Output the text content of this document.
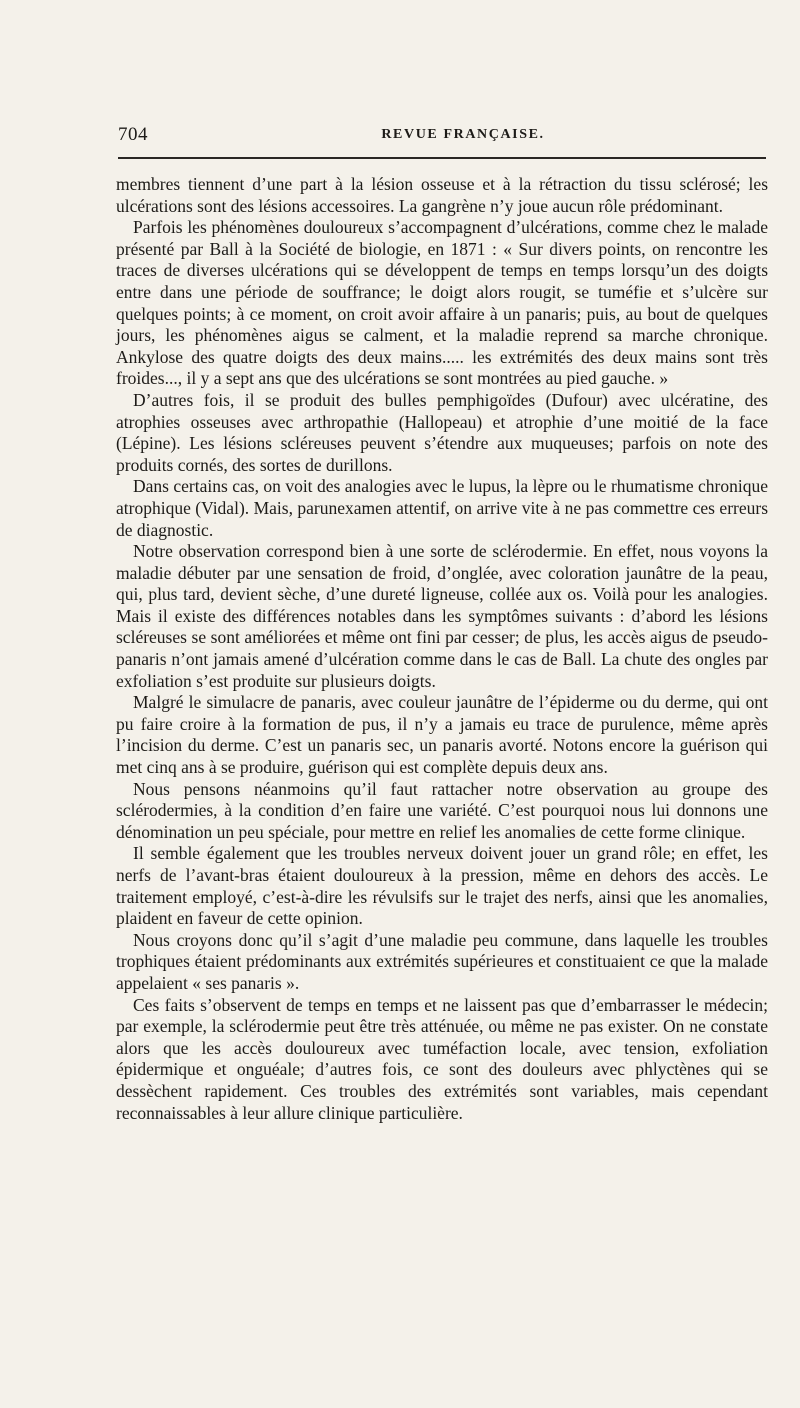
704	REVUE FRANÇAISE.

membres tiennent d’une part à la lésion osseuse et à la rétraction du tissu sclérosé; les ulcérations sont des lésions accessoires. La gangrène n’y joue aucun rôle prédominant.

Parfois les phénomènes douloureux s’accompagnent d’ulcérations, comme chez le malade présenté par Ball à la Société de biologie, en 1871 : « Sur divers points, on rencontre les traces de diverses ulcérations qui se développent de temps en temps lorsqu’un des doigts entre dans une période de souffrance; le doigt alors rougit, se tuméfie et s’ulcère sur quelques points; à ce moment, on croit avoir affaire à un panaris; puis, au bout de quelques jours, les phénomènes aigus se calment, et la maladie reprend sa marche chronique. Ankylose des quatre doigts des deux mains..... les extrémités des deux mains sont très froides..., il y a sept ans que des ulcérations se sont montrées au pied gauche. »

D’autres fois, il se produit des bulles pemphigoïdes (Dufour) avec ulcératine, des atrophies osseuses avec arthropathie (Hallopeau) et atrophie d’une moitié de la face (Lépine). Les lésions scléreuses peuvent s’étendre aux muqueuses; parfois on note des produits cornés, des sortes de durillons.

Dans certains cas, on voit des analogies avec le lupus, la lèpre ou le rhumatisme chronique atrophique (Vidal). Mais, parunexamen attentif, on arrive vite à ne pas commettre ces erreurs de diagnostic.

Notre observation correspond bien à une sorte de sclérodermie. En effet, nous voyons la maladie débuter par une sensation de froid, d’onglée, avec coloration jaunâtre de la peau, qui, plus tard, devient sèche, d’une dureté ligneuse, collée aux os. Voilà pour les analogies. Mais il existe des différences notables dans les symptômes suivants : d’abord les lésions scléreuses se sont améliorées et même ont fini par cesser; de plus, les accès aigus de pseudo-panaris n’ont jamais amené d’ulcération comme dans le cas de Ball. La chute des ongles par exfoliation s’est produite sur plusieurs doigts.

Malgré le simulacre de panaris, avec couleur jaunâtre de l’épiderme ou du derme, qui ont pu faire croire à la formation de pus, il n’y a jamais eu trace de purulence, même après l’incision du derme. C’est un panaris sec, un panaris avorté. Notons encore la guérison qui met cinq ans à se produire, guérison qui est complète depuis deux ans.

Nous pensons néanmoins qu’il faut rattacher notre observation au groupe des sclérodermies, à la condition d’en faire une variété. C’est pourquoi nous lui donnons une dénomination un peu spéciale, pour mettre en relief les anomalies de cette forme clinique.

Il semble également que les troubles nerveux doivent jouer un grand rôle; en effet, les nerfs de l’avant-bras étaient douloureux à la pression, même en dehors des accès. Le traitement employé, c’est-à-dire les révulsifs sur le trajet des nerfs, ainsi que les anomalies, plaident en faveur de cette opinion.

Nous croyons donc qu’il s’agit d’une maladie peu commune, dans laquelle les troubles trophiques étaient prédominants aux extrémités supérieures et constituaient ce que la malade appelaient « ses panaris ».

Ces faits s’observent de temps en temps et ne laissent pas que d’embarrasser le médecin; par exemple, la sclérodermie peut être très atténuée, ou même ne pas exister. On ne constate alors que les accès douloureux avec tuméfaction locale, avec tension, exfoliation épidermique et onguéale; d’autres fois, ce sont des douleurs avec phlyctènes qui se dessèchent rapidement. Ces troubles des extrémités sont variables, mais cependant reconnaissables à leur allure clinique particulière.
